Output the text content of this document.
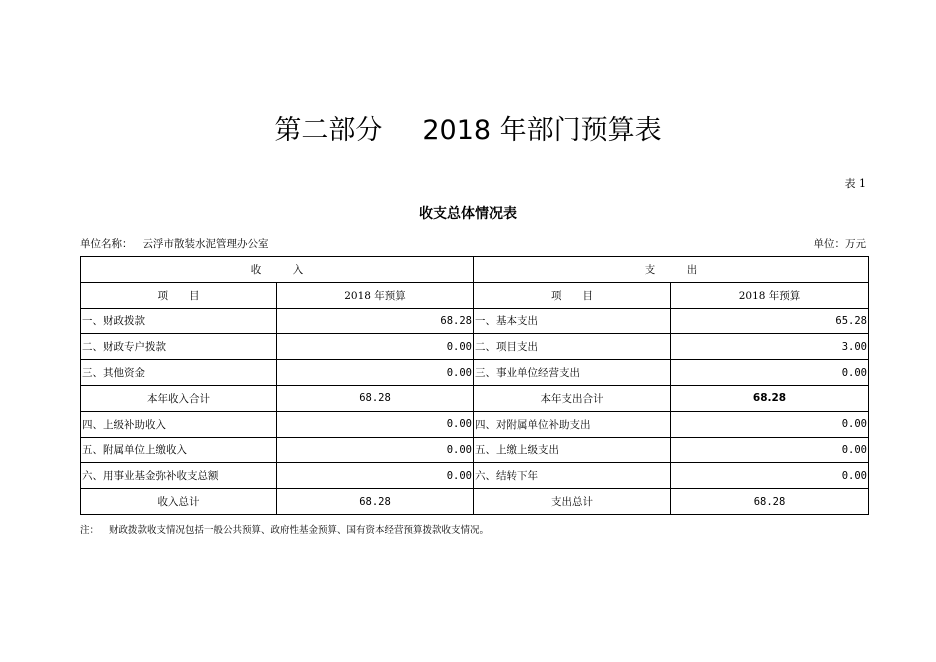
第二部分 2018 年部门预算表
表 1
收支总体情况表
单位名称： 云浮市散装水泥管理办公室	单位：万元
收　　　入		支　　　出	
项　　目	2018 年预算	项　　目	2018 年预算
一、财政拨款	68.28	一、基本支出	65.28
二、财政专户拨款	0.00	二、项目支出	3.00
三、其他资金	0.00	三、事业单位经营支出	0.00
本年收入合计	68.28	本年支出合计	68.28
四、上级补助收入	0.00	四、对附属单位补助支出	0.00
五、附属单位上缴收入	0.00	五、上缴上级支出	0.00
六、用事业基金弥补收支总额	0.00	六、结转下年	0.00
收入总计	68.28	支出总计	68.28
注： 财政拨款收支情况包括一般公共预算、政府性基金预算、国有资本经营预算拨款收支情况。
